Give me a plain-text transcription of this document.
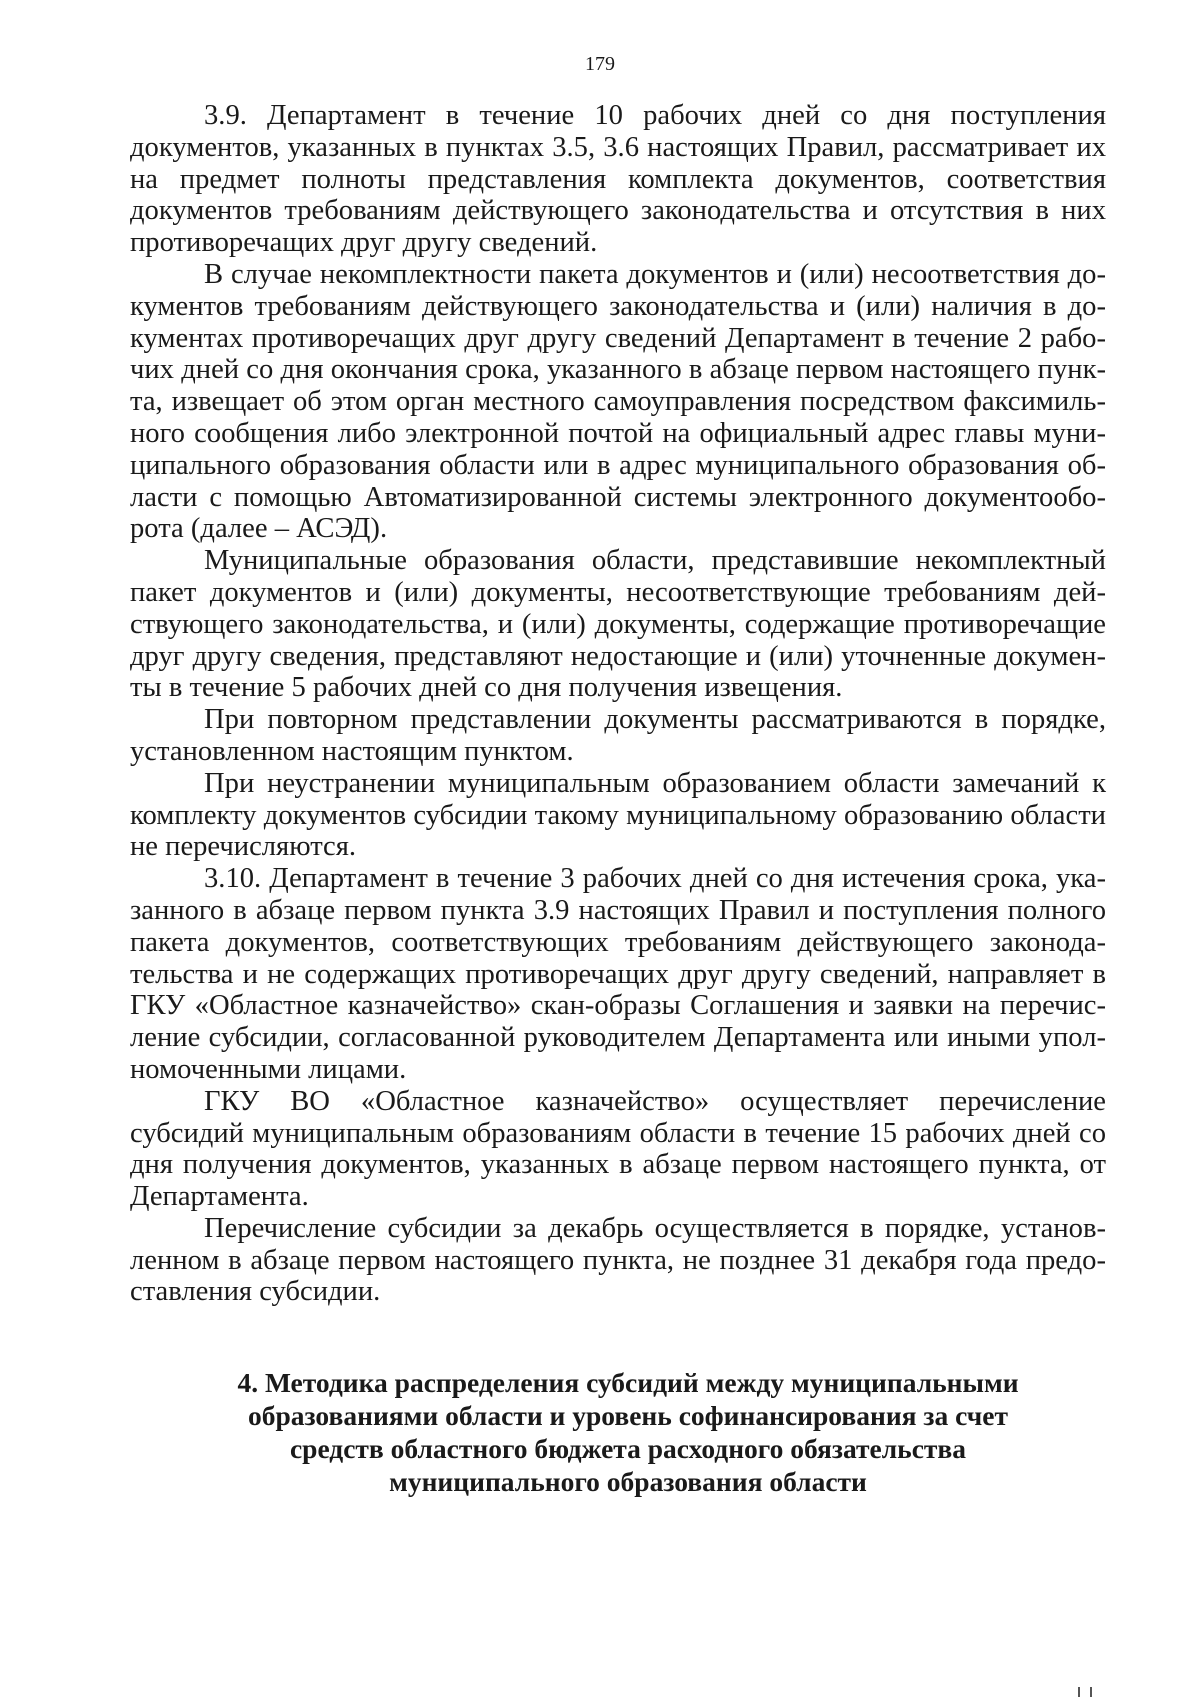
179

3.9. Департамент в течение 10 рабочих дней со дня поступления документов, указанных в пунктах 3.5, 3.6 настоящих Правил, рассматривает их на предмет полноты представления комплекта документов, соответствия документов требованиям действующего законодательства и отсутствия в них противоречащих друг другу сведений.

В случае некомплектности пакета документов и (или) несоответствия документов требованиям действующего законодательства и (или) наличия в документах противоречащих друг другу сведений Департамент в течение 2 рабочих дней со дня окончания срока, указанного в абзаце первом настоящего пункта, извещает об этом орган местного самоуправления посредством факсимильного сообщения либо электронной почтой на официальный адрес главы муниципального образования области или в адрес муниципального образования области с помощью Автоматизированной системы электронного документооборота (далее – АСЭД).

Муниципальные образования области, представившие некомплектный пакет документов и (или) документы, несоответствующие требованиям действующего законодательства, и (или) документы, содержащие противоречащие друг другу сведения, представляют недостающие и (или) уточненные документы в течение 5 рабочих дней со дня получения извещения.

При повторном представлении документы рассматриваются в порядке, установленном настоящим пунктом.

При неустранении муниципальным образованием области замечаний к комплекту документов субсидии такому муниципальному образованию области не перечисляются.

3.10. Департамент в течение 3 рабочих дней со дня истечения срока, указанного в абзаце первом пункта 3.9 настоящих Правил и поступления полного пакета документов, соответствующих требованиям действующего законодательства и не содержащих противоречащих друг другу сведений, направляет в ГКУ «Областное казначейство» скан-образы Соглашения и заявки на перечисление субсидии, согласованной руководителем Департамента или иными уполномоченными лицами.

ГКУ ВО «Областное казначейство» осуществляет перечисление субсидий муниципальным образованиям области в течение 15 рабочих дней со дня получения документов, указанных в абзаце первом настоящего пункта, от Департамента.

Перечисление субсидии за декабрь осуществляется в порядке, установленном в абзаце первом настоящего пункта, не позднее 31 декабря года предоставления субсидии.

4. Методика распределения субсидий между муниципальными образованиями области и уровень софинансирования за счет средств областного бюджета расходного обязательства муниципального образования области
